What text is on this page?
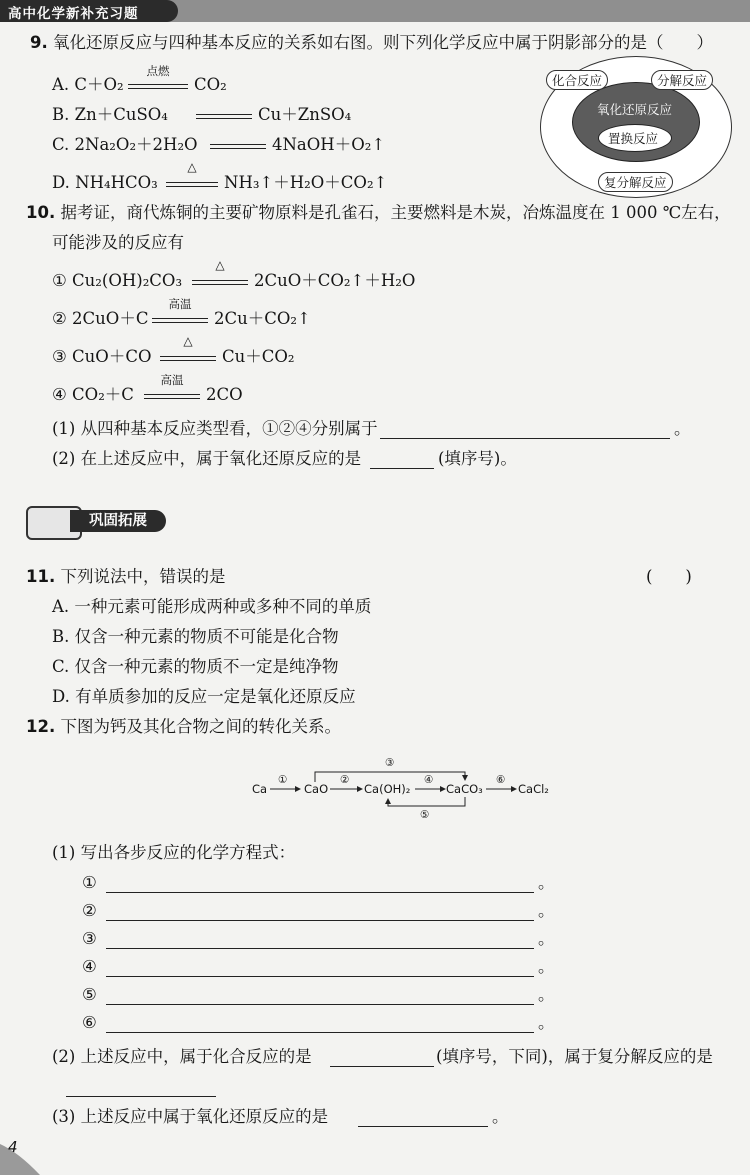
高中化学新补充习题
化合反应	分解反应
氧化还原反应
置换反应
复分解反应
9. 氧化还原反应与四种基本反应的关系如右图。则下列化学反应中属于阴影部分的是（　　）
A. C＋O₂
点燃
CO₂
B. Zn＋CuSO₄	Cu＋ZnSO₄
C. 2Na₂O₂＋2H₂O	4NaOH＋O₂↑
D. NH₄HCO₃
△
NH₃↑＋H₂O＋CO₂↑
10. 据考证，商代炼铜的主要矿物原料是孔雀石，主要燃料是木炭，冶炼温度在 1 000 ℃左右，
可能涉及的反应有
① Cu₂(OH)₂CO₃
△
2CuO＋CO₂↑＋H₂O
② 2CuO＋C
高温
2Cu＋CO₂↑
③ CuO＋CO
△
Cu＋CO₂
④ CO₂＋C
高温
2CO
(1) 从四种基本反应类型看，①②④分别属于	。
(2) 在上述反应中，属于氧化还原反应的是	(填序号)。
巩固拓展
11. 下列说法中，错误的是	(　　)
A. 一种元素可能形成两种或多种不同的单质
B. 仅含一种元素的物质不可能是化合物
C. 仅含一种元素的物质不一定是纯净物
D. 有单质参加的反应一定是氧化还原反应
12. 下图为钙及其化合物之间的转化关系。
Ca	CaO	Ca(OH)₂	CaCO₃	CaCl₂
①	②
③
④
⑤
⑥
(1) 写出各步反应的化学方程式：
①	。
②	。
③	。
④	。
⑤	。
⑥	。
(2) 上述反应中，属于化合反应的是	(填序号，下同)，属于复分解反应的是
(3) 上述反应中属于氧化还原反应的是	。
4
